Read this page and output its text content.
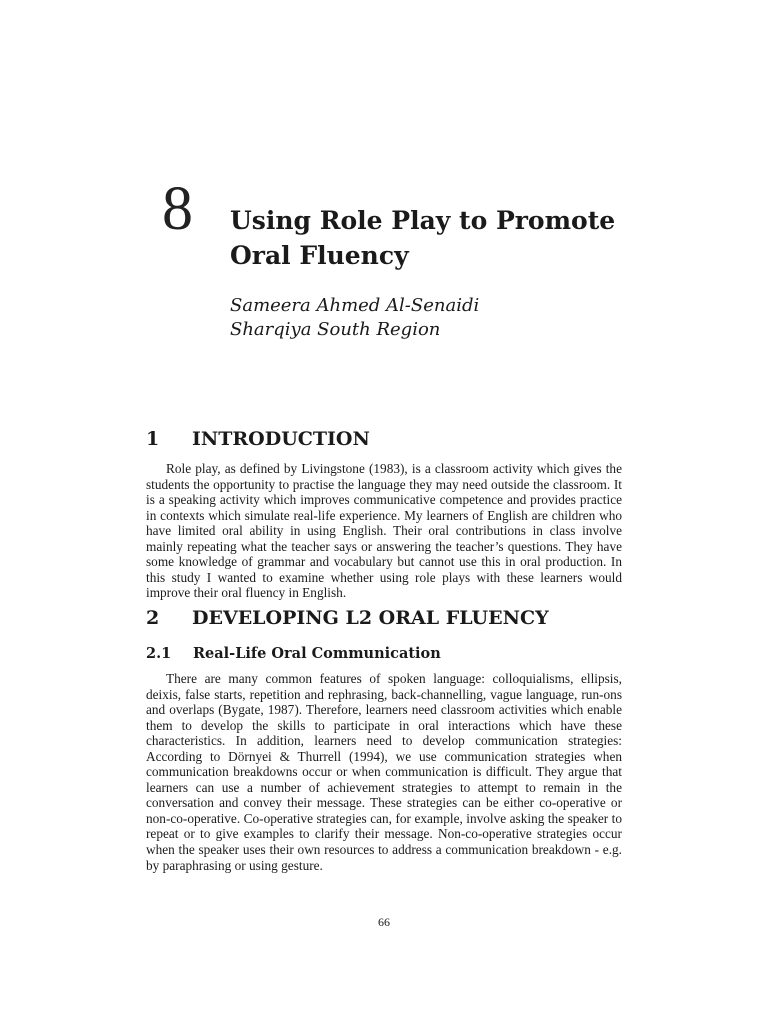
8 Using Role Play to Promote Oral Fluency
Sameera Ahmed Al-Senaidi
Sharqiya South Region
1 INTRODUCTION

Role play, as defined by Livingstone (1983), is a classroom activity which gives the students the opportunity to practise the language they may need outside the classroom. It is a speaking activity which improves communicative competence and provides practice in contexts which simulate real-life experience. My learners of English are children who have limited oral ability in using English. Their oral contributions in class involve mainly repeating what the teacher says or answering the teacher’s questions. They have some knowledge of grammar and vocabulary but cannot use this in oral production. In this study I wanted to examine whether using role plays with these learners would improve their oral fluency in English.

2 DEVELOPING L2 ORAL FLUENCY
2.1 Real-Life Oral Communication

There are many common features of spoken language: colloquialisms, ellipsis, deixis, false starts, repetition and rephrasing, back-channelling, vague language, run-ons and overlaps (Bygate, 1987). Therefore, learners need classroom activities which enable them to develop the skills to participate in oral interactions which have these characteristics. In addition, learners need to develop communication strategies: According to Dörnyei & Thurrell (1994), we use communication strategies when communication breakdowns occur or when communication is difficult. They argue that learners can use a number of achievement strategies to attempt to remain in the conversation and convey their message. These strategies can be either co-operative or non-co-operative. Co-operative strategies can, for example, involve asking the speaker to repeat or to give examples to clarify their message. Non-co-operative strategies occur when the speaker uses their own resources to address a communication breakdown - e.g. by paraphrasing or using gesture.

66
